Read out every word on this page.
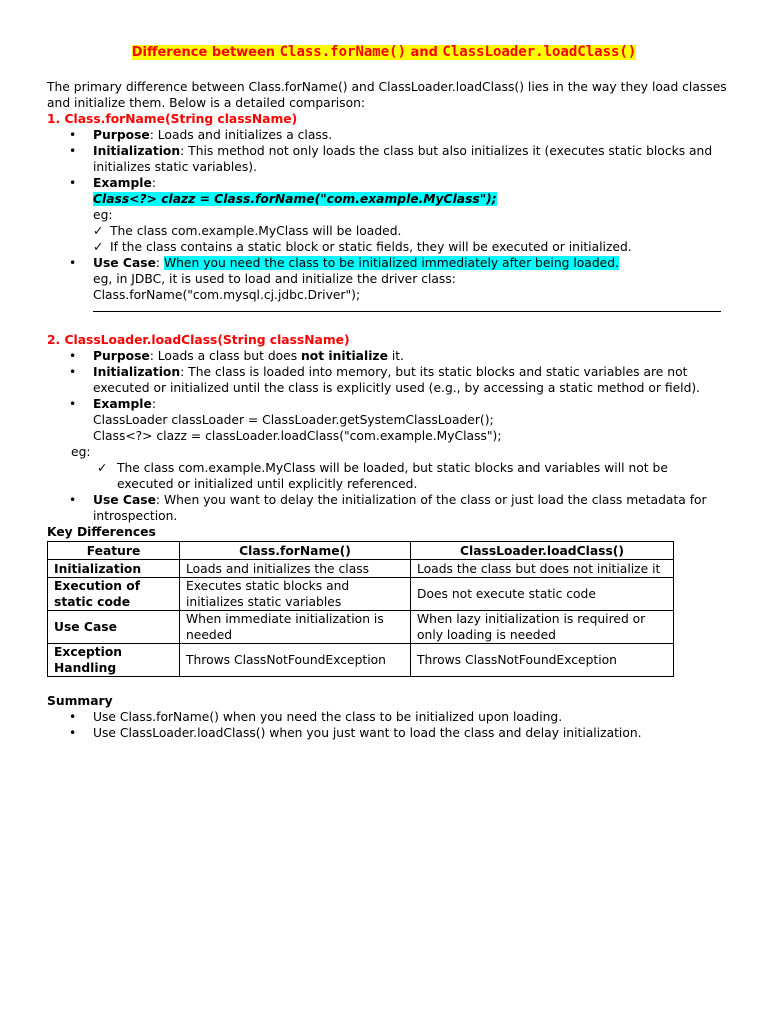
Difference between Class.forName() and ClassLoader.loadClass()

The primary difference between Class.forName() and ClassLoader.loadClass() lies in the way they load classes and initialize them. Below is a detailed comparison:

1. Class.forName(String className)

• Purpose: Loads and initializes a class.
• Initialization: This method not only loads the class but also initializes it (executes static blocks and initializes static variables).
• Example:

Class<?> clazz = Class.forName("com.example.MyClass");

eg:

✓ The class com.example.MyClass will be loaded.

✓ If the class contains a static block or static fields, they will be executed or initialized.

• Use Case: When you need the class to be initialized immediately after being loaded.

eg, in JDBC, it is used to load and initialize the driver class:

Class.forName("com.mysql.cj.jdbc.Driver");

2. ClassLoader.loadClass(String className)

• Purpose: Loads a class but does not initialize it.
• Initialization: The class is loaded into memory, but its static blocks and static variables are not executed or initialized until the class is explicitly used (e.g., by accessing a static method or field).
• Example:

ClassLoader classLoader = ClassLoader.getSystemClassLoader();

Class<?> clazz = classLoader.loadClass("com.example.MyClass");

eg:

✓ The class com.example.MyClass will be loaded, but static blocks and variables will not be executed or initialized until explicitly referenced.

• Use Case: When you want to delay the initialization of the class or just load the class metadata for introspection.

Key Differences

Feature	Class.forName()	ClassLoader.loadClass()
Initialization	Loads and initializes the class	Loads the class but does not initialize it
Execution of static code	Executes static blocks and initializes static variables	Does not execute static code
Use Case	When immediate initialization is needed	When lazy initialization is required or only loading is needed
Exception Handling	Throws ClassNotFoundException	Throws ClassNotFoundException

Summary

• Use Class.forName() when you need the class to be initialized upon loading.
• Use ClassLoader.loadClass() when you just want to load the class and delay initialization.
